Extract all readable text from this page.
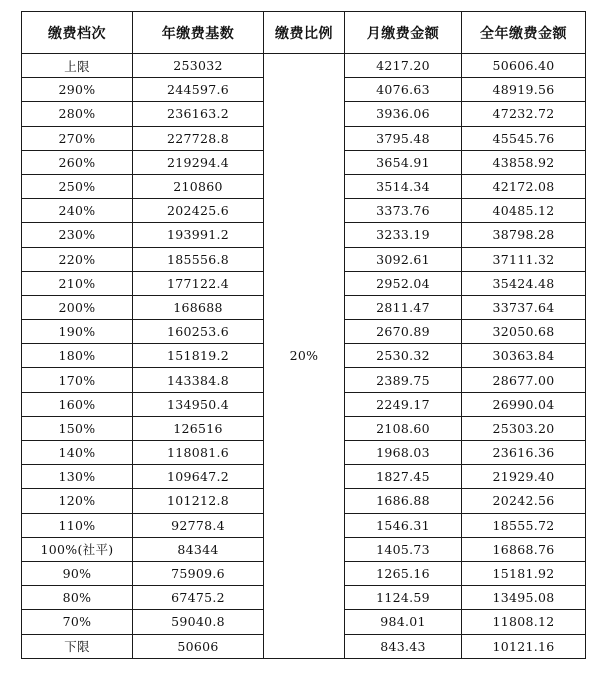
缴费档次	年缴费基数	缴费比例	月缴费金额	全年缴费金额
上限	253032	20%	4217.20	50606.40
290%	244597.6		4076.63	48919.56
280%	236163.2		3936.06	47232.72
270%	227728.8		3795.48	45545.76
260%	219294.4		3654.91	43858.92
250%	210860		3514.34	42172.08
240%	202425.6		3373.76	40485.12
230%	193991.2		3233.19	38798.28
220%	185556.8		3092.61	37111.32
210%	177122.4		2952.04	35424.48
200%	168688		2811.47	33737.64
190%	160253.6		2670.89	32050.68
180%	151819.2		2530.32	30363.84
170%	143384.8		2389.75	28677.00
160%	134950.4		2249.17	26990.04
150%	126516		2108.60	25303.20
140%	118081.6		1968.03	23616.36
130%	109647.2		1827.45	21929.40
120%	101212.8		1686.88	20242.56
110%	92778.4		1546.31	18555.72
100%(社平)	84344		1405.73	16868.76
90%	75909.6		1265.16	15181.92
80%	67475.2		1124.59	13495.08
70%	59040.8		984.01	11808.12
下限	50606		843.43	10121.16
